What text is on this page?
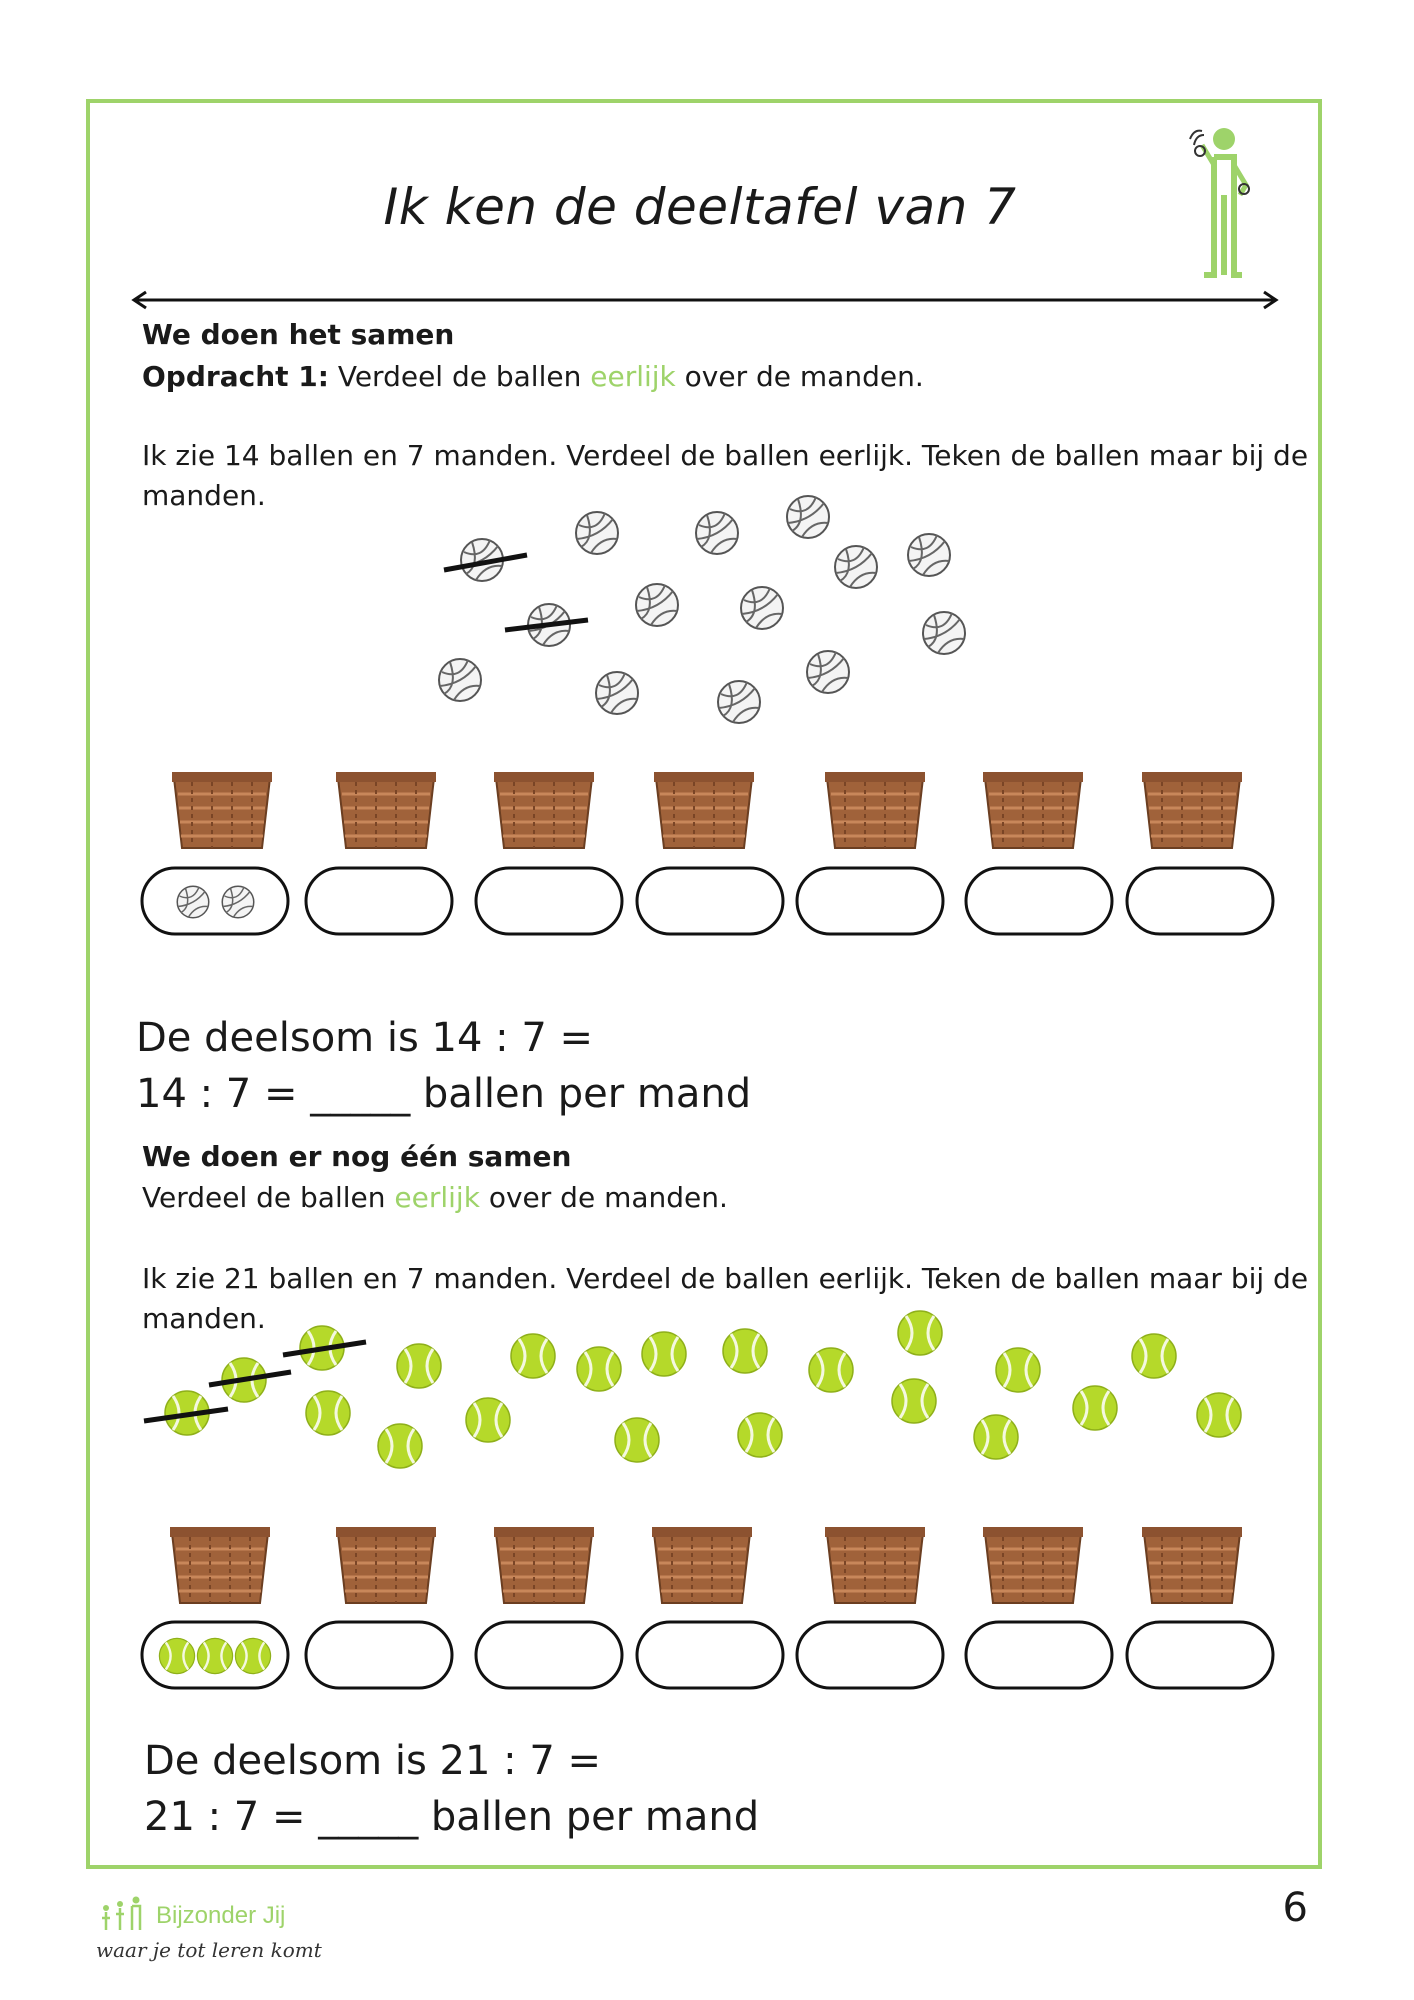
Ik ken de deeltafel van 7
We doen het samen
Opdracht 1: Verdeel de ballen eerlijk over de manden.
Ik zie 14 ballen en 7 manden. Verdeel de ballen eerlijk. Teken de ballen maar bij de
manden.
De deelsom is 14 : 7 =
14 : 7 = _____ ballen per mand
We doen er nog één samen
Verdeel de ballen eerlijk over de manden.
Ik zie 21 ballen en 7 manden. Verdeel de ballen eerlijk. Teken de ballen maar bij de
manden.
De deelsom is 21 : 7 =
21 : 7 = _____ ballen per mand
Bijzonder Jij
waar je tot leren komt
6
